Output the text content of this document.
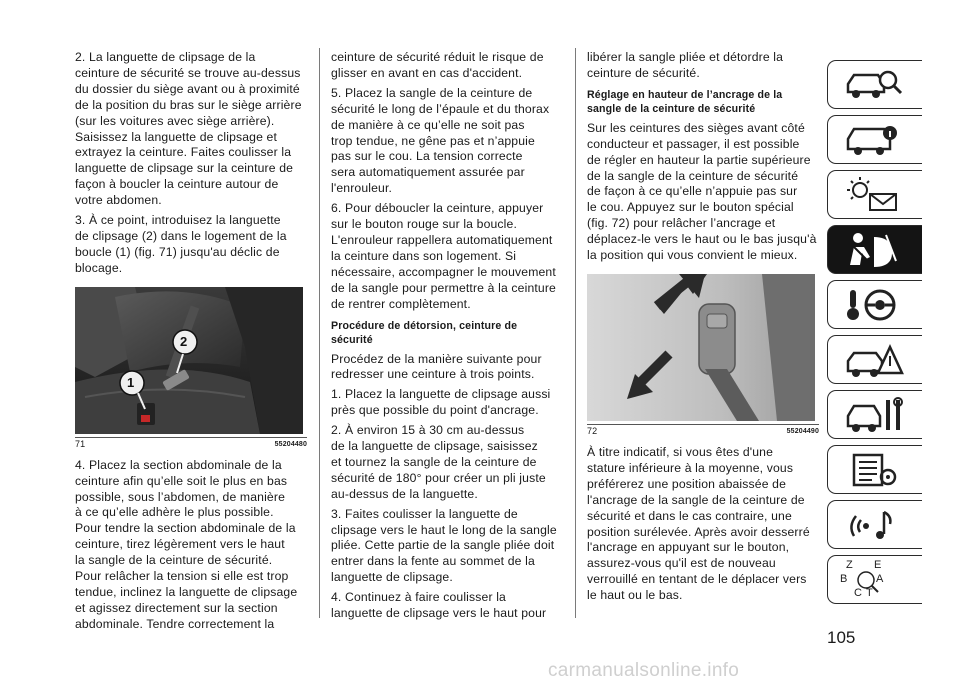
2. La languette de clipsage de la
ceinture de sécurité se trouve au-dessus
du dossier du siège avant ou à proximité
de la position du bras sur le siège arrière
(sur les voitures avec siège arrière).
Saisissez la languette de clipsage et
extrayez la ceinture. Faites coulisser la
languette de clipsage sur la ceinture de
façon à boucler la ceinture autour de
votre abdomen.

3. À ce point, introduisez la languette
de clipsage (2) dans le logement de la
boucle (1) (fig. 71) jusqu'au déclic de
blocage.

1
2
71	55204480

4. Placez la section abdominale de la
ceinture afin qu’elle soit le plus en bas
possible, sous l’abdomen, de manière
à ce qu’elle adhère le plus possible.
Pour tendre la section abdominale de la
ceinture, tirez légèrement vers le haut
la sangle de la ceinture de sécurité.
Pour relâcher la tension si elle est trop
tendue, inclinez la languette de clipsage
et agissez directement sur la section
abdominale. Tendre correctement la

ceinture de sécurité réduit le risque de
glisser en avant en cas d'accident.

5. Placez la sangle de la ceinture de
sécurité le long de l’épaule et du thorax
de manière à ce qu’elle ne soit pas
trop tendue, ne gêne pas et n’appuie
pas sur le cou. La tension correcte
sera automatiquement assurée par
l'enrouleur.

6. Pour déboucler la ceinture, appuyer
sur le bouton rouge sur la boucle.
L'enrouleur rappellera automatiquement
la ceinture dans son logement. Si
nécessaire, accompagner le mouvement
de la sangle pour permettre à la ceinture
de rentrer complètement.

Procédure de détorsion, ceinture de
sécurité

Procédez de la manière suivante pour
redresser une ceinture à trois points.

1. Placez la languette de clipsage aussi
près que possible du point d'ancrage.

2. À environ 15 à 30 cm au-dessus
de la languette de clipsage, saisissez
et tournez la sangle de la ceinture de
sécurité de 180° pour créer un pli juste
au-dessus de la languette.

3. Faites coulisser la languette de
clipsage vers le haut le long de la sangle
pliée. Cette partie de la sangle pliée doit
entrer dans la fente au sommet de la
languette de clipsage.

4. Continuez à faire coulisser la
languette de clipsage vers le haut pour

libérer la sangle pliée et détordre la
ceinture de sécurité.

Réglage en hauteur de l’ancrage de la
sangle de la ceinture de sécurité

Sur les ceintures des sièges avant côté
conducteur et passager, il est possible
de régler en hauteur la partie supérieure
de la sangle de la ceinture de sécurité
de façon à ce qu’elle n’appuie pas sur
le cou. Appuyez sur le bouton spécial
(fig. 72) pour relâcher l’ancrage et
déplacez-le vers le haut ou le bas jusqu'à
la position qui vous convient le mieux.

72	55204490

À titre indicatif, si vous êtes d'une
stature inférieure à la moyenne, vous
préférerez une position abaissée de
l'ancrage de la sangle de la ceinture de
sécurité et dans le cas contraire, une
position surélevée. Après avoir desserré
l'ancrage en appuyant sur le bouton,
assurez-vous qu'il est de nouveau
verrouillé en tentant de le déplacer vers
le haut ou le bas.

Z E
B	A
C T
105
carmanualsonline.info
